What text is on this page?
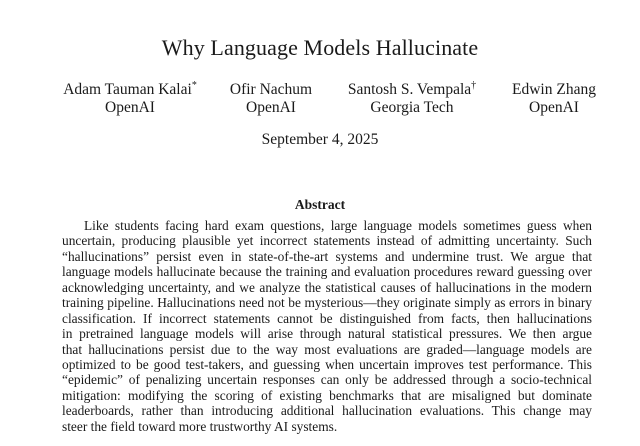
Why Language Models Hallucinate
Adam Tauman Kalai*
OpenAI
Ofir Nachum
OpenAI
Santosh S. Vempala†
Georgia Tech
Edwin Zhang
OpenAI
September 4, 2025
Abstract
Like students facing hard exam questions, large language models sometimes guess when
uncertain, producing plausible yet incorrect statements instead of admitting uncertainty. Such
“hallucinations” persist even in state-of-the-art systems and undermine trust. We argue that
language models hallucinate because the training and evaluation procedures reward guessing over
acknowledging uncertainty, and we analyze the statistical causes of hallucinations in the modern
training pipeline. Hallucinations need not be mysterious—they originate simply as errors in binary
classification. If incorrect statements cannot be distinguished from facts, then hallucinations
in pretrained language models will arise through natural statistical pressures. We then argue
that hallucinations persist due to the way most evaluations are graded—language models are
optimized to be good test-takers, and guessing when uncertain improves test performance. This
“epidemic” of penalizing uncertain responses can only be addressed through a socio-technical
mitigation: modifying the scoring of existing benchmarks that are misaligned but dominate
leaderboards, rather than introducing additional hallucination evaluations. This change may
steer the field toward more trustworthy AI systems.
